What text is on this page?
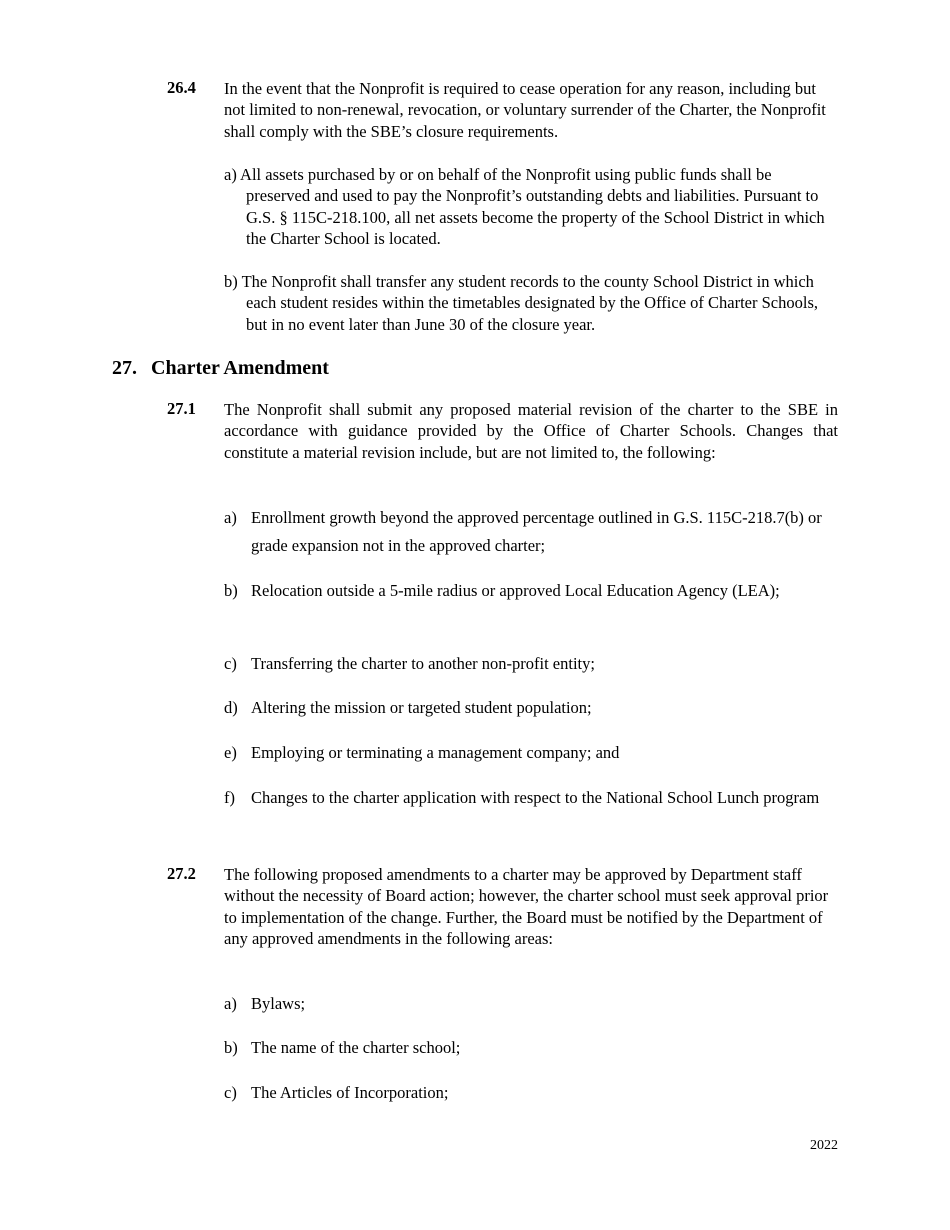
26.4 In the event that the Nonprofit is required to cease operation for any reason, including but not limited to non-renewal, revocation, or voluntary surrender of the Charter, the Nonprofit shall comply with the SBE’s closure requirements.
a) All assets purchased by or on behalf of the Nonprofit using public funds shall be preserved and used to pay the Nonprofit’s outstanding debts and liabilities. Pursuant to G.S. § 115C-218.100, all net assets become the property of the School District in which the Charter School is located.
b) The Nonprofit shall transfer any student records to the county School District in which each student resides within the timetables designated by the Office of Charter Schools, but in no event later than June 30 of the closure year.
27. Charter Amendment
27.1 The Nonprofit shall submit any proposed material revision of the charter to the SBE in accordance with guidance provided by the Office of Charter Schools. Changes that constitute a material revision include, but are not limited to, the following:
a) Enrollment growth beyond the approved percentage outlined in G.S. 115C-218.7(b) or grade expansion not in the approved charter;
b) Relocation outside a 5-mile radius or approved Local Education Agency (LEA);
c) Transferring the charter to another non-profit entity;
d) Altering the mission or targeted student population;
e) Employing or terminating a management company; and
f) Changes to the charter application with respect to the National School Lunch program
27.2 The following proposed amendments to a charter may be approved by Department staff without the necessity of Board action; however, the charter school must seek approval prior to implementation of the change. Further, the Board must be notified by the Department of any approved amendments in the following areas:
a) Bylaws;
b) The name of the charter school;
c) The Articles of Incorporation;
2022
